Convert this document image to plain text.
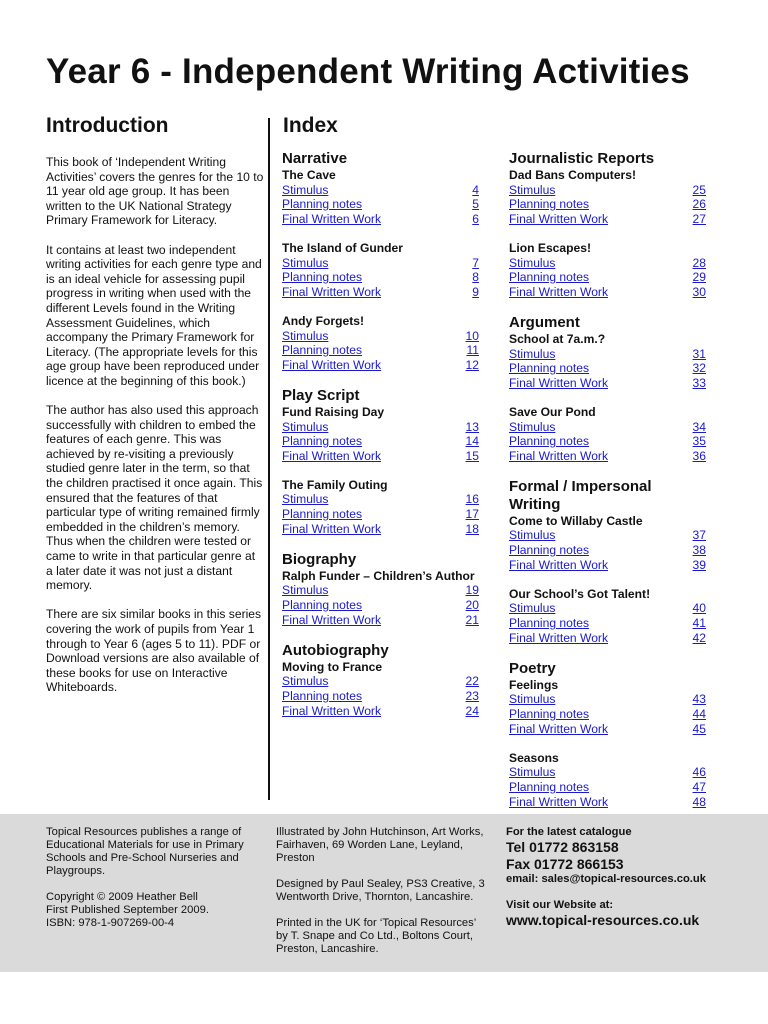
Year 6 - Independent Writing Activities
Introduction

This book of ‘Independent Writing Activities’ covers the genres for the 10 to 11 year old age group. It has been written to the UK National Strategy Primary Framework for Literacy.

It contains at least two independent writing activities for each genre type and is an ideal vehicle for assessing pupil progress in writing when used with the different Levels found in the Writing Assessment Guidelines, which accompany the Primary Framework for Literacy. (The appropriate levels for this age group have been reproduced under licence at the beginning of this book.)

The author has also used this approach successfully with children to embed the features of each genre. This was achieved by re-visiting a previously studied genre later in the term, so that the children practised it once again. This ensured that the features of that particular type of writing remained firmly embedded in the children’s memory. Thus when the children were tested or came to write in that particular genre at a later date it was not just a distant memory.

There are six similar books in this series covering the work of pupils from Year 1 through to Year 6 (ages 5 to 11). PDF or Download versions are also available of these books for use on Interactive Whiteboards.

Index
Narrative
The Cave
Stimulus	4
Planning notes	5
Final Written Work	6
The Island of Gunder
Stimulus	7
Planning notes	8
Final Written Work	9
Andy Forgets!
Stimulus	10
Planning notes	11
Final Written Work	12
Play Script
Fund Raising Day
Stimulus	13
Planning notes	14
Final Written Work	15
The Family Outing
Stimulus	16
Planning notes	17
Final Written Work	18
Biography
Ralph Funder – Children’s Author
Stimulus	19
Planning notes	20
Final Written Work	21
Autobiography
Moving to France
Stimulus	22
Planning notes	23
Final Written Work	24
Journalistic Reports
Dad Bans Computers!
Stimulus	25
Planning notes	26
Final Written Work	27
Lion Escapes!
Stimulus	28
Planning notes	29
Final Written Work	30
Argument
School at 7a.m.?
Stimulus	31
Planning notes	32
Final Written Work	33
Save Our Pond
Stimulus	34
Planning notes	35
Final Written Work	36
Formal / Impersonal Writing
Come to Willaby Castle
Stimulus	37
Planning notes	38
Final Written Work	39
Our School’s Got Talent!
Stimulus	40
Planning notes	41
Final Written Work	42
Poetry
Feelings
Stimulus	43
Planning notes	44
Final Written Work	45
Seasons
Stimulus	46
Planning notes	47
Final Written Work	48

Topical Resources publishes a range of Educational Materials for use in Primary Schools and Pre-School Nurseries and Playgroups.

Copyright © 2009 Heather Bell
First Published September 2009.
ISBN: 978-1-907269-00-4

Illustrated by John Hutchinson, Art Works, Fairhaven, 69 Worden Lane, Leyland, Preston

Designed by Paul Sealey, PS3 Creative, 3 Wentworth Drive, Thornton, Lancashire.

Printed in the UK for ‘Topical Resources’ by T. Snape and Co Ltd., Boltons Court, Preston, Lancashire.

For the latest catalogue
Tel 01772 863158
Fax 01772 866153
email: sales@topical-resources.co.uk
Visit our Website at:
www.topical-resources.co.uk
